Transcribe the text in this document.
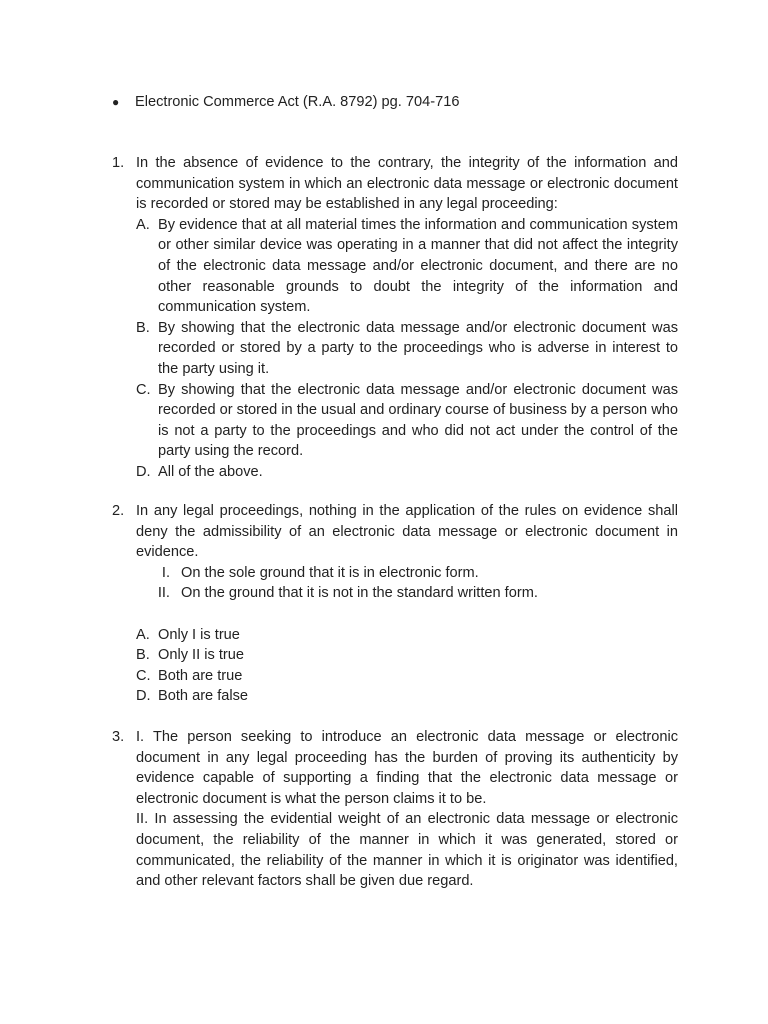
● Electronic Commerce Act (R.A. 8792) pg. 704-716
1. In the absence of evidence to the contrary, the integrity of the information and communication system in which an electronic data message or electronic document is recorded or stored may be established in any legal proceeding:
A. By evidence that at all material times the information and communication system or other similar device was operating in a manner that did not affect the integrity of the electronic data message and/or electronic document, and there are no other reasonable grounds to doubt the integrity of the information and communication system.
B. By showing that the electronic data message and/or electronic document was recorded or stored by a party to the proceedings who is adverse in interest to the party using it.
C. By showing that the electronic data message and/or electronic document was recorded or stored in the usual and ordinary course of business by a person who is not a party to the proceedings and who did not act under the control of the party using the record.
D. All of the above.
2. In any legal proceedings, nothing in the application of the rules on evidence shall deny the admissibility of an electronic data message or electronic document in evidence.
I. On the sole ground that it is in electronic form.
II. On the ground that it is not in the standard written form.
A. Only I is true
B. Only II is true
C. Both are true
D. Both are false
3. I. The person seeking to introduce an electronic data message or electronic document in any legal proceeding has the burden of proving its authenticity by evidence capable of supporting a finding that the electronic data message or electronic document is what the person claims it to be.
II. In assessing the evidential weight of an electronic data message or electronic document, the reliability of the manner in which it was generated, stored or communicated, the reliability of the manner in which it is originator was identified, and other relevant factors shall be given due regard.
